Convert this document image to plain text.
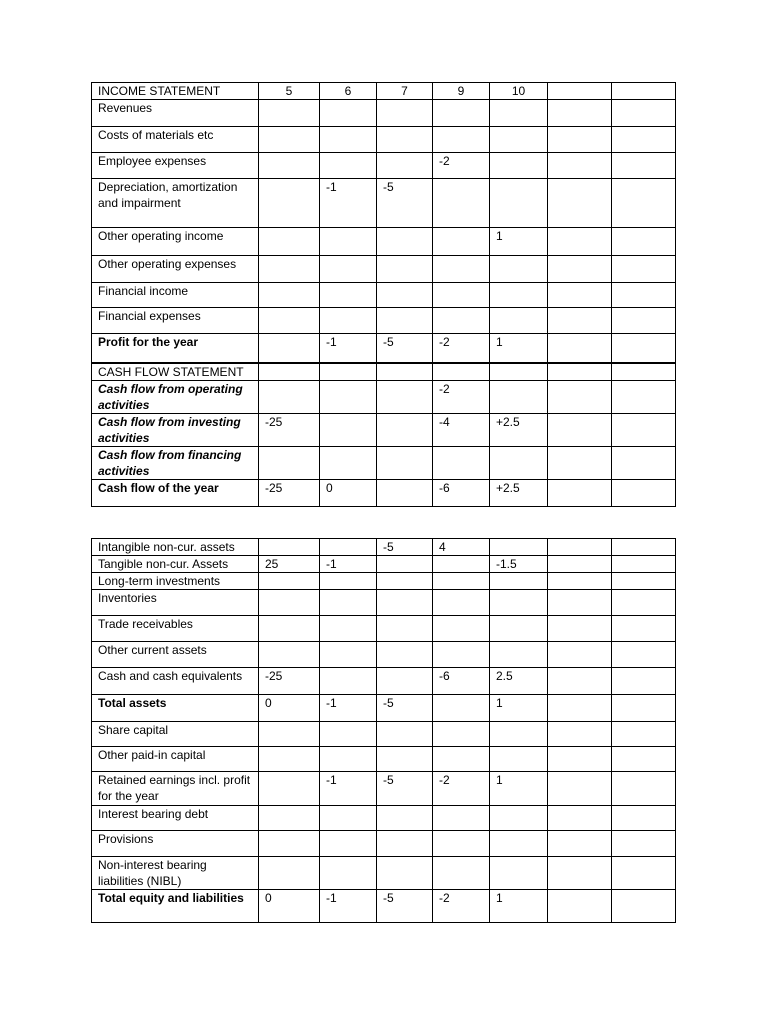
INCOME STATEMENT	5	6	7	9	10		
Revenues							
Costs of materials etc							
Employee expenses				-2			
Depreciation, amortization and impairment		-1	-5				
Other operating income					1		
Other operating expenses							
Financial income							
Financial expenses							
Profit for the year		-1	-5	-2	1		
CASH FLOW STATEMENT							
Cash flow from operating activities				-2			
Cash flow from investing activities	-25			-4	+2.5		
Cash flow from financing activities							
Cash flow of the year	-25	0		-6	+2.5		
Intangible non-cur. assets			-5	4			
Tangible non-cur. Assets	25	-1			-1.5		
Long-term investments							
Inventories							
Trade receivables							
Other current assets							
Cash and cash equivalents	-25			-6	2.5		
Total assets	0	-1	-5		1		
Share capital							
Other paid-in capital							
Retained earnings incl. profit for the year		-1	-5	-2	1		
Interest bearing debt							
Provisions							
Non-interest bearing liabilities (NIBL)							
Total equity and liabilities	0	-1	-5	-2	1		
